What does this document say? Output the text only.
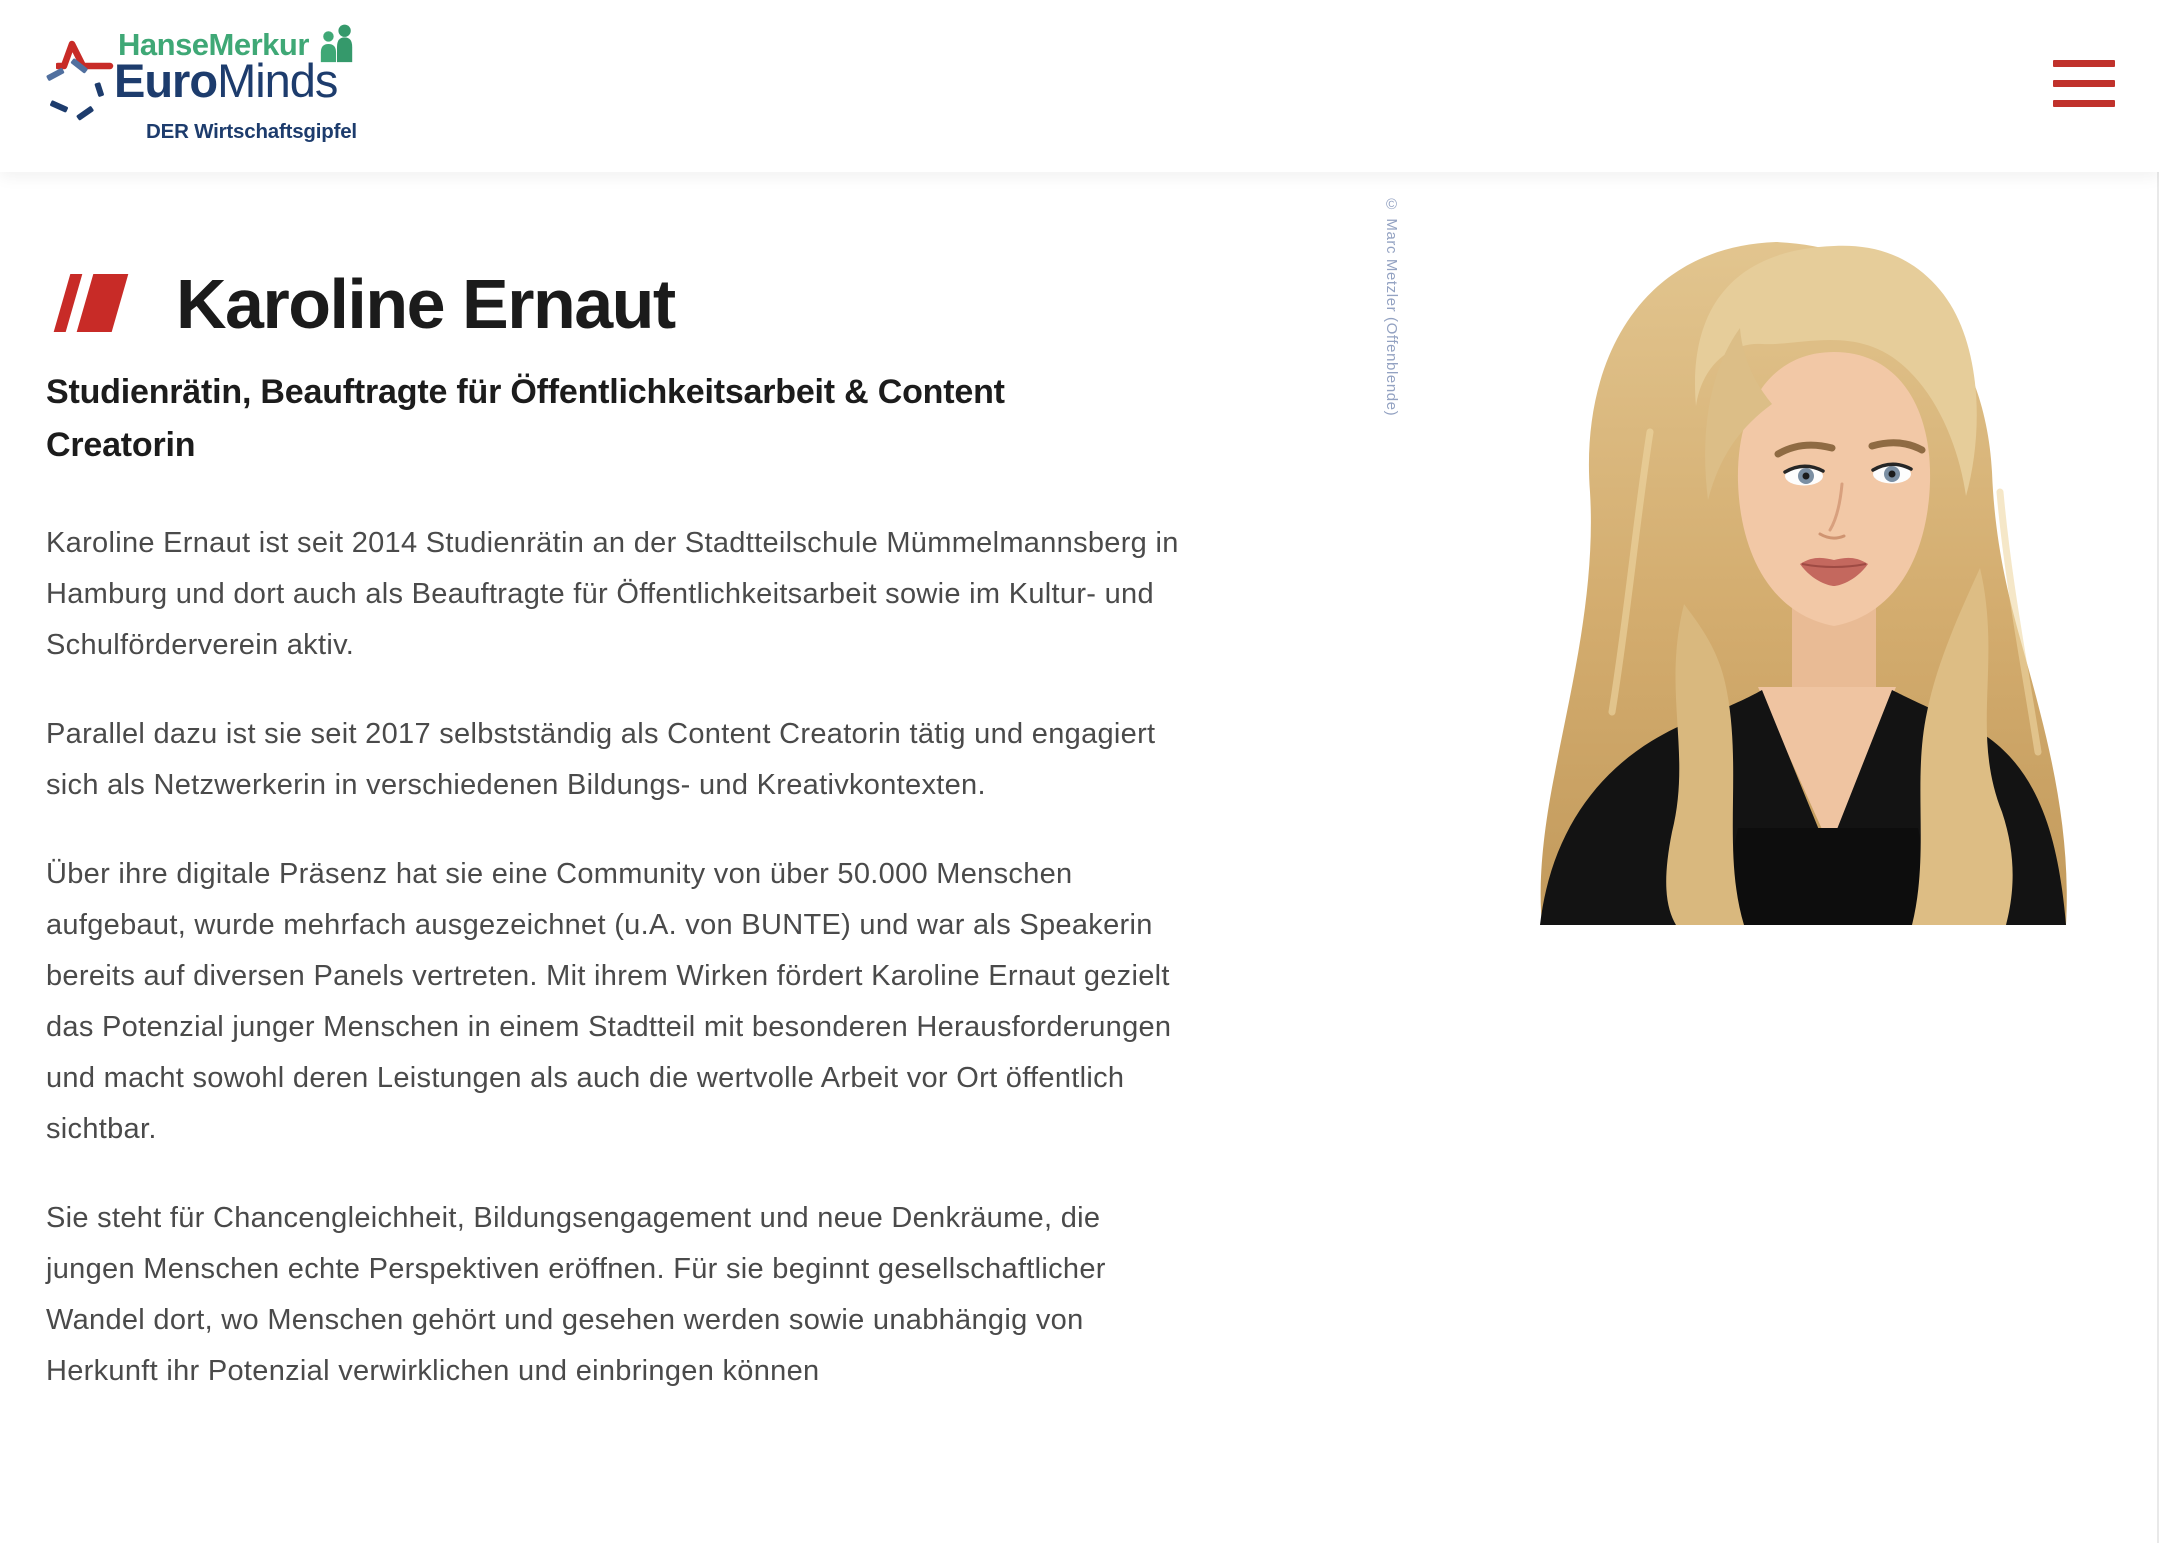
HanseMerkur
EuroMinds
DER Wirtschaftsgipfel
Karoline Ernaut
Studienrätin, Beauftragte für Öffentlichkeitsarbeit & Content
Creatorin

Karoline Ernaut ist seit 2014 Studienrätin an der Stadtteilschule Mümmelmannsberg in
Hamburg und dort auch als Beauftragte für Öffentlichkeitsarbeit sowie im Kultur- und
Schulförderverein aktiv.

Parallel dazu ist sie seit 2017 selbstständig als Content Creatorin tätig und engagiert
sich als Netzwerkerin in verschiedenen Bildungs- und Kreativkontexten.

Über ihre digitale Präsenz hat sie eine Community von über 50.000 Menschen
aufgebaut, wurde mehrfach ausgezeichnet (u.A. von BUNTE) und war als Speakerin
bereits auf diversen Panels vertreten. Mit ihrem Wirken fördert Karoline Ernaut gezielt
das Potenzial junger Menschen in einem Stadtteil mit besonderen Herausforderungen
und macht sowohl deren Leistungen als auch die wertvolle Arbeit vor Ort öffentlich
sichtbar.

Sie steht für Chancengleichheit, Bildungsengagement und neue Denkräume, die
jungen Menschen echte Perspektiven eröffnen. Für sie beginnt gesellschaftlicher
Wandel dort, wo Menschen gehört und gesehen werden sowie unabhängig von
Herkunft ihr Potenzial verwirklichen und einbringen können

© Marc Metzler (Offenblende)
